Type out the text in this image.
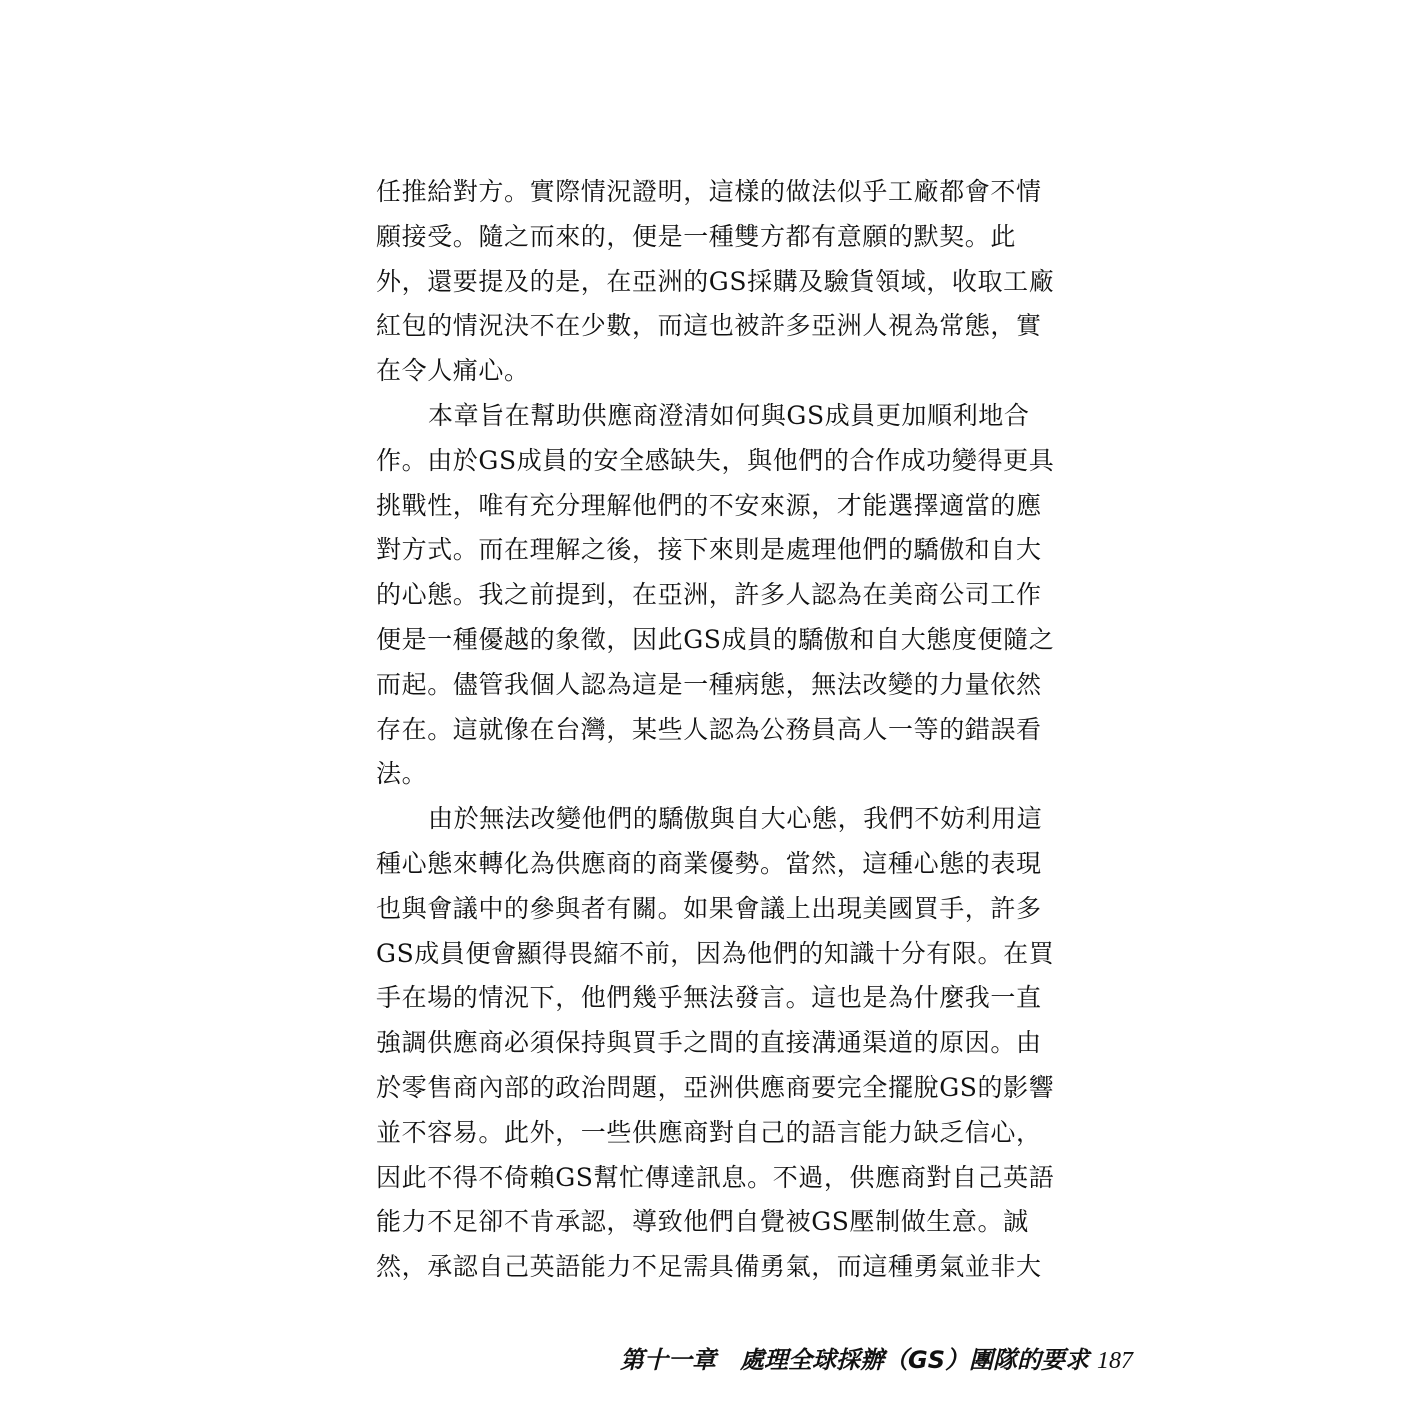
任推給對方。實際情況證明，這樣的做法似乎工廠都會不情
願接受。隨之而來的，便是一種雙方都有意願的默契。此
外，還要提及的是，在亞洲的GS採購及驗貨領域，收取工廠
紅包的情況決不在少數，而這也被許多亞洲人視為常態，實
在令人痛心。
本章旨在幫助供應商澄清如何與GS成員更加順利地合
作。由於GS成員的安全感缺失，與他們的合作成功變得更具
挑戰性，唯有充分理解他們的不安來源，才能選擇適當的應
對方式。而在理解之後，接下來則是處理他們的驕傲和自大
的心態。我之前提到，在亞洲，許多人認為在美商公司工作
便是一種優越的象徵，因此GS成員的驕傲和自大態度便隨之
而起。儘管我個人認為這是一種病態，無法改變的力量依然
存在。這就像在台灣，某些人認為公務員高人一等的錯誤看
法。
由於無法改變他們的驕傲與自大心態，我們不妨利用這
種心態來轉化為供應商的商業優勢。當然，這種心態的表現
也與會議中的參與者有關。如果會議上出現美國買手，許多
GS成員便會顯得畏縮不前，因為他們的知識十分有限。在買
手在場的情況下，他們幾乎無法發言。這也是為什麼我一直
強調供應商必須保持與買手之間的直接溝通渠道的原因。由
於零售商內部的政治問題，亞洲供應商要完全擺脫GS的影響
並不容易。此外，一些供應商對自己的語言能力缺乏信心，
因此不得不倚賴GS幫忙傳達訊息。不過，供應商對自己英語
能力不足卻不肯承認，導致他們自覺被GS壓制做生意。誠
然，承認自己英語能力不足需具備勇氣，而這種勇氣並非大
第十一章　處理全球採辦（GS）團隊的要求 187
